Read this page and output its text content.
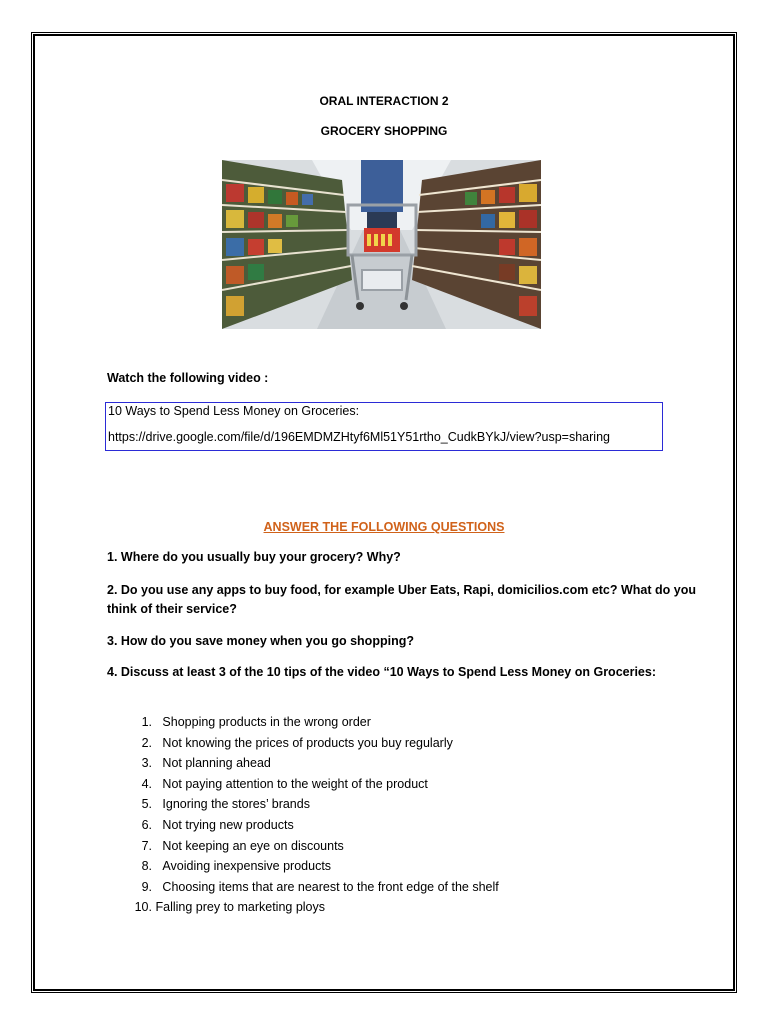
ORAL INTERACTION 2
GROCERY SHOPPING
Watch the following video :
10 Ways to Spend Less Money on Groceries:
https://drive.google.com/file/d/196EMDMZHtyf6Ml51Y51rtho_CudkBYkJ/view?usp=sharing
ANSWER THE FOLLOWING QUESTIONS
1. Where do you usually buy your grocery? Why?
2. Do you use any apps to buy food, for example Uber Eats, Rapi, domicilios.com etc? What do you think of their service?
3. How do you save money when you go shopping?
4. Discuss at least 3 of the 10 tips of the video “10 Ways to Spend Less Money on Groceries:
1. Shopping products in the wrong order
2. Not knowing the prices of products you buy regularly
3. Not planning ahead
4. Not paying attention to the weight of the product
5. Ignoring the stores’ brands
6. Not trying new products
7. Not keeping an eye on discounts
8. Avoiding inexpensive products
9. Choosing items that are nearest to the front edge of the shelf
10. Falling prey to marketing ploys
